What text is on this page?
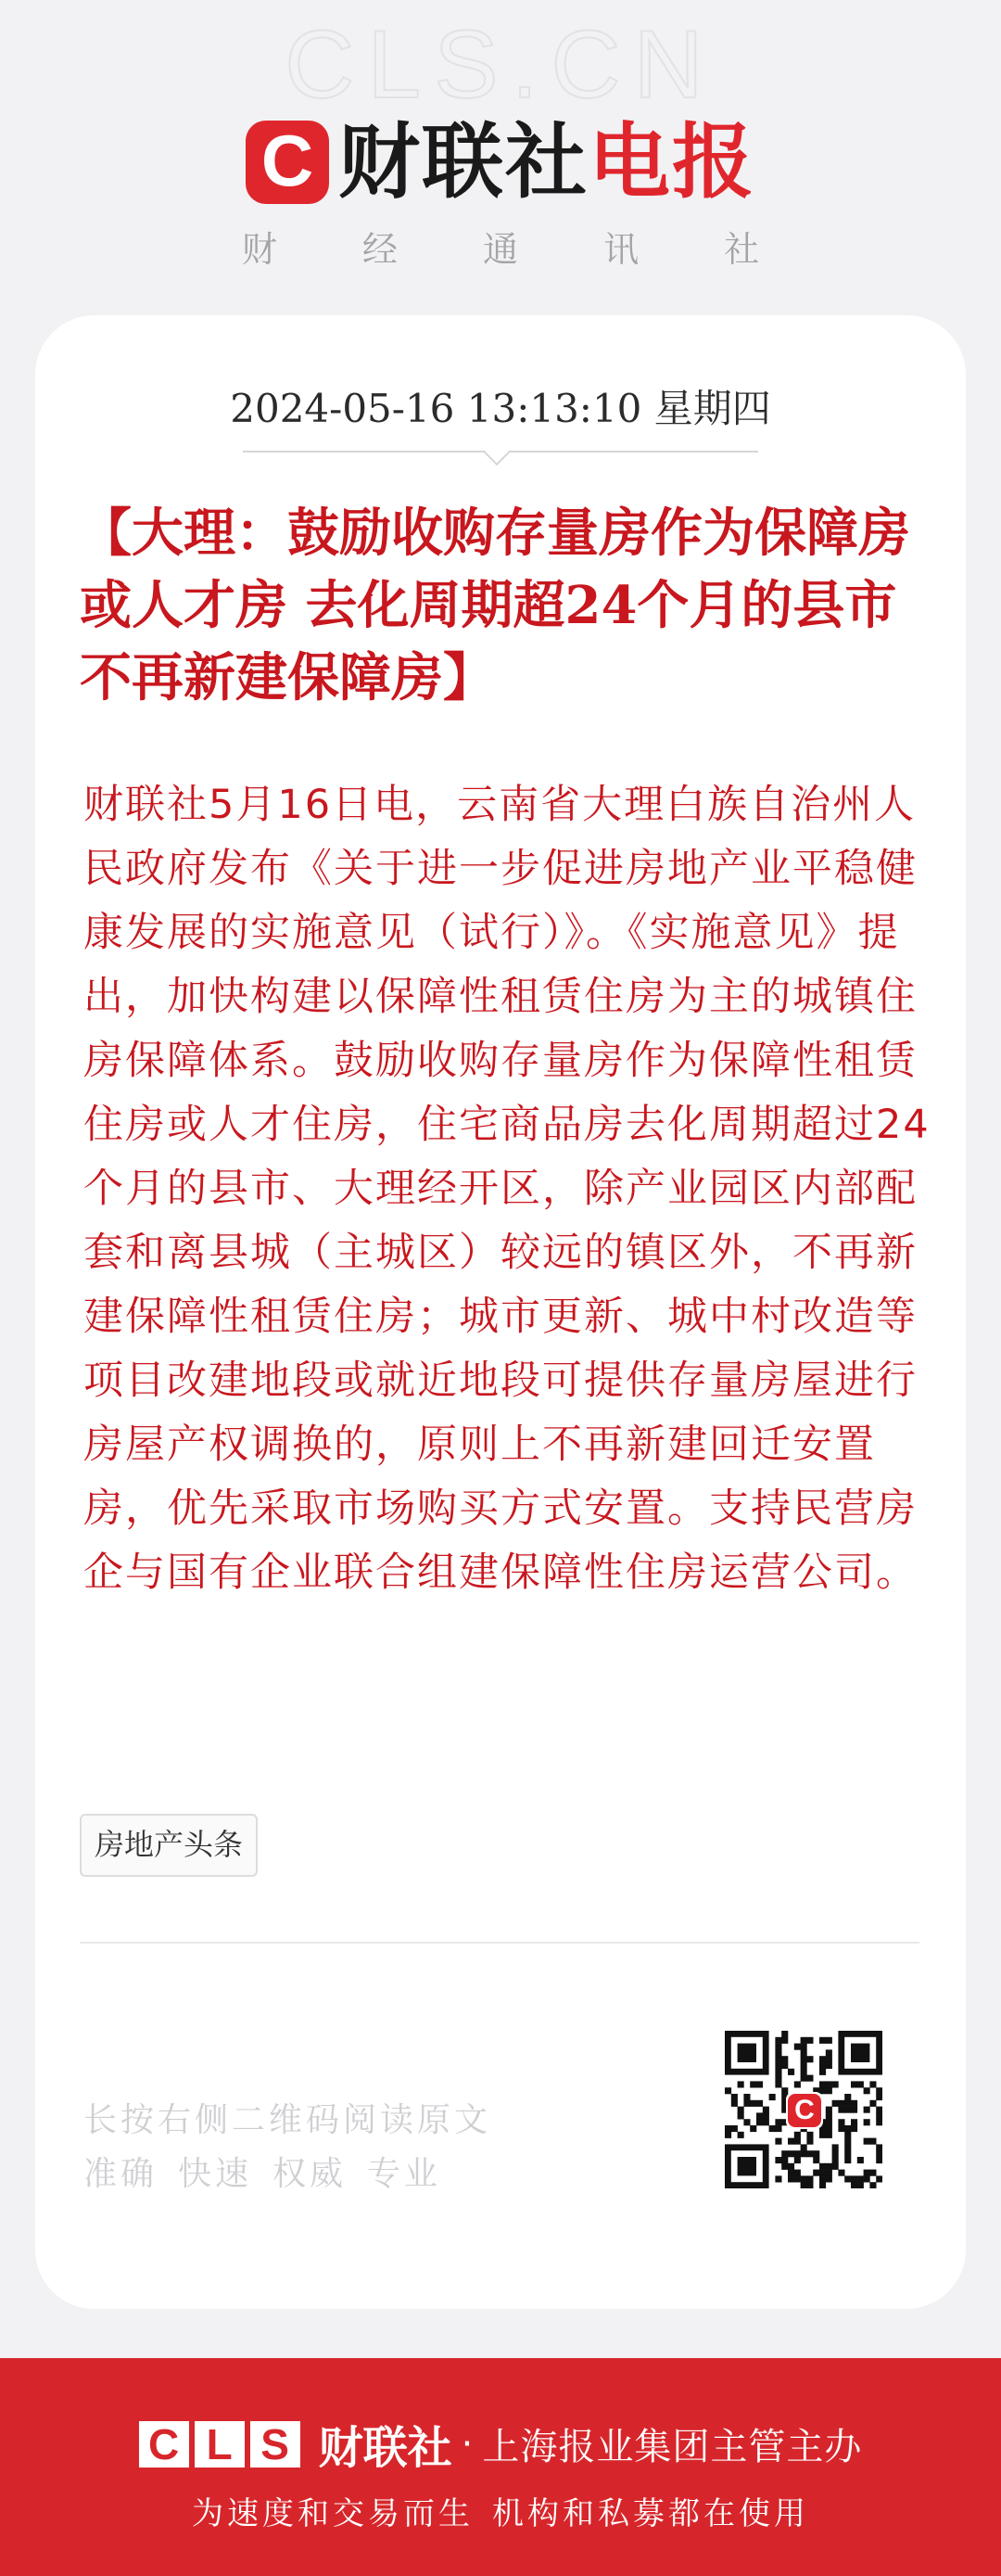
CLS.CN
C 财联社 电报
财 经 通 讯 社
2024-05-16 13:13:10 星期四
【大理：鼓励收购存量房作为保障房或人才房 去化周期超24个月的县市不再新建保障房】

财联社5月16日电，云南省大理白族自治州人民政府发布《关于进一步促进房地产业平稳健康发展的实施意见（试行）》。《实施意见》提出，加快构建以保障性租赁住房为主的城镇住房保障体系。鼓励收购存量房作为保障性租赁住房或人才住房，住宅商品房去化周期超过24个月的县市、大理经开区，除产业园区内部配套和离县城（主城区）较远的镇区外，不再新建保障性租赁住房；城市更新、城中村改造等项目改建地段或就近地段可提供存量房屋进行房屋产权调换的，原则上不再新建回迁安置房，优先采取市场购买方式安置。支持民营房企与国有企业联合组建保障性住房运营公司。

房地产头条
长按右侧二维码阅读原文
准确 快速 权威 专业
C
C L S 财联社 · 上海报业集团主管主办
为速度和交易而生 机构和私募都在使用
